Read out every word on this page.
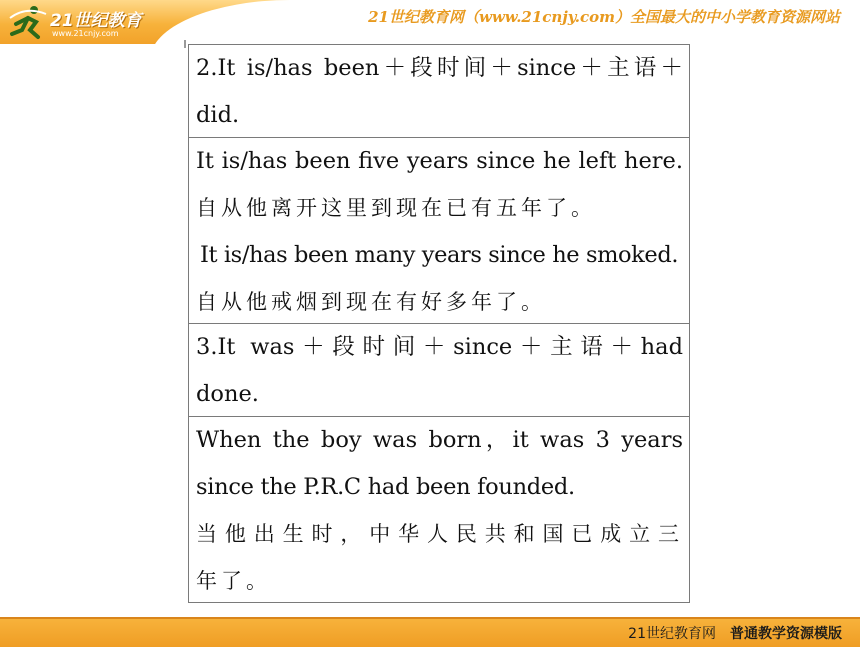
21世纪教育
www.21cnjy.com
21世纪教育网（www.21cnjy.com）全国最大的中小学教育资源网站
2.It is/has been＋段时间＋since＋主语＋
did.
It is/has been five years since he left here.
自从他离开这里到现在已有五年了。
It is/has been many years since he smoked.
自从他戒烟到现在有好多年了。
3.It was＋段时间＋since＋主语＋had
done.
When the boy was born，it was 3 years
since the P.R.C had been founded.
当他出生时，中华人民共和国已成立三
年了。
21世纪教育网 普通教学资源模版
